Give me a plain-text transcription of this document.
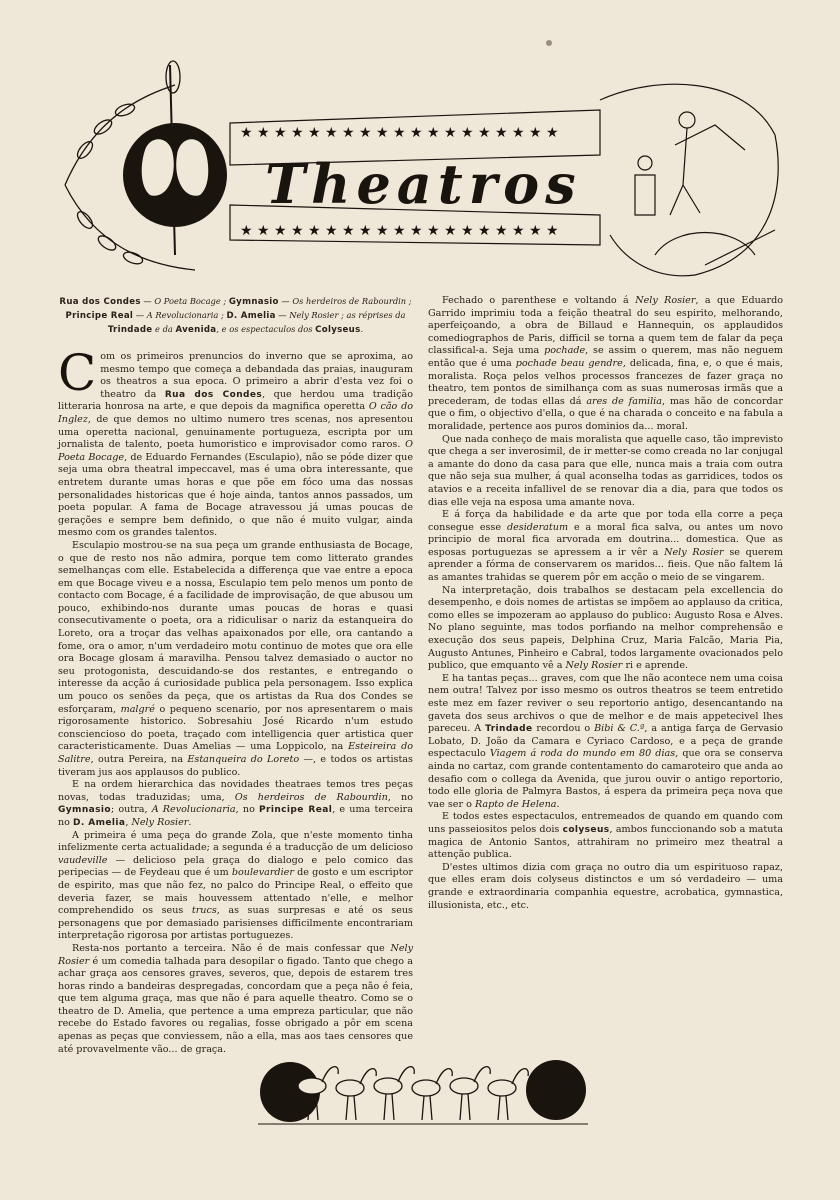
★ ★ ★ ★ ★ ★ ★ ★ ★ ★ ★ ★ ★ ★ ★ ★ ★ ★ ★
★ ★ ★ ★ ★ ★ ★ ★ ★ ★ ★ ★ ★ ★ ★ ★ ★ ★ ★
Theatros

Rua dos Condes — O Poeta Bocage ; Gymnasio — Os herdeiros de Rabourdin ; Principe Real — A Revolucionaria ; D. Amelia — Nely Rosier ; as réprises da Trindade e da Avenida, e os espectaculos dos Colyseus.

Com os primeiros prenuncios do inverno que se aproxima, ao mesmo tempo que começa a debandada das praias, inauguram os theatros a sua epoca. O primeiro a abrir d'esta vez foi o theatro da Rua dos Condes, que herdou uma tradição litteraria honrosa na arte, e que depois da magnifica operetta O cão do Inglez, de que demos no ultimo numero tres scenas, nos apresentou uma operetta nacional, genuinamente portugueza, escripta por um jornalista de talento, poeta humoristico e improvisador como raros. O Poeta Bocage, de Eduardo Fernandes (Esculapio), não se póde dizer que seja uma obra theatral impeccavel, mas é uma obra interessante, que entretem durante umas horas e que põe em fóco uma das nossas personalidades historicas que é hoje ainda, tantos annos passados, um poeta popular. A fama de Bocage atravessou já umas poucas de gerações e sempre bem definido, o que não é muito vulgar, ainda mesmo com os grandes talentos.

Esculapio mostrou-se na sua peça um grande enthusiasta de Bocage, o que de resto nos não admira, porque tem como litterato grandes semelhanças com elle. Estabelecida a differença que vae entre a epoca em que Bocage viveu e a nossa, Esculapio tem pelo menos um ponto de contacto com Bocage, é a facilidade de improvisação, de que abusou um pouco, exhibindo-nos durante umas poucas de horas e quasi consecutivamente o poeta, ora a ridiculisar o nariz da estanqueira do Loreto, ora a troçar das velhas apaixonados por elle, ora cantando a fome, ora o amor, n'um verdadeiro motu continuo de motes que ora elle ora Bocage glosam á maravilha. Pensou talvez demasiado o auctor no seu protogonista, descuidando-se dos restantes, e entregando o interesse da acção á curiosidade publica pela personagem. Isso explica um pouco os senões da peça, que os artistas da Rua dos Condes se esforçaram, malgré o pequeno scenario, por nos apresentarem o mais rigorosamente historico. Sobresahiu José Ricardo n'um estudo consciencioso do poeta, traçado com intelligencia quer artistica quer caracteristicamente. Duas Amelias — uma Loppicolo, na Esteireira do Salitre, outra Pereira, na Estanqueira do Loreto —, e todos os artistas tiveram jus aos applausos do publico.

E na ordem hierarchica das novidades theatraes temos tres peças novas, todas traduzidas; uma, Os herdeiros de Rabourdin, no Gymnasio; outra, A Revolucionaria, no Principe Real, e uma terceira no D. Amelia, Nely Rosier.

A primeira é uma peça do grande Zola, que n'este momento tinha infelizmente certa actualidade; a segunda é a traducção de um delicioso vaudeville — delicioso pela graça do dialogo e pelo comico das peripecias — de Feydeau que é um boulevardier de gosto e um escriptor de espirito, mas que não fez, no palco do Principe Real, o effeito que deveria fazer, se mais houvessem attentado n'elle, e melhor comprehendido os seus trucs, as suas surpresas e até os seus personagens que por demasiado parisienses difficilmente encontrariam interpretação rigorosa por artistas portuguezes.

Resta-nos portanto a terceira. Não é de mais confessar que Nely Rosier é um comedia talhada para desopilar o figado. Tanto que chego a achar graça aos censores graves, severos, que, depois de estarem tres horas rindo a bandeiras despregadas, concordam que a peça não é feia, que tem alguma graça, mas que não é para aquelle theatro. Como se o theatro de D. Amelia, que pertence a uma empreza particular, que não recebe do Estado favores ou regalias, fosse obrigado a pôr em scena apenas as peças que conviessem, não a ella, mas aos taes censores que até provavelmente vão... de graça.

Fechado o parenthese e voltando á Nely Rosier, a que Eduardo Garrido imprimiu toda a feição theatral do seu espirito, melhorando, aperfeiçoando, a obra de Billaud e Hannequin, os applaudidos comediographos de Paris, difficil se torna a quem tem de falar da peça classifical-a. Seja uma pochade, se assim o querem, mas não neguem então que é uma pochade beau gendre, delicada, fina, e, o que é mais, moralista. Roça pelos velhos processos francezes de fazer graça no theatro, tem pontos de similhança com as suas numerosas irmãs que a precederam, de todas ellas dá ares de familia, mas hão de concordar que o fim, o objectivo d'ella, o que é na charada o conceito e na fabula a moralidade, pertence aos puros dominios da... moral.

Que nada conheço de mais moralista que aquelle caso, tão imprevisto que chega a ser inverosimil, de ir metter-se como creada no lar conjugal a amante do dono da casa para que elle, nunca mais a traia com outra que não seja sua mulher, á qual aconselha todas as garridices, todos os atavios e a receita infallivel de se renovar dia a dia, para que todos os dias elle veja na esposa uma amante nova.

E á força da habilidade e da arte que por toda ella corre a peça consegue esse desideratum e a moral fica salva, ou antes um novo principio de moral fica arvorada em doutrina... domestica. Que as esposas portuguezas se apressem a ir vêr a Nely Rosier se querem aprender a fórma de conservarem os maridos... fieis. Que não faltem lá as amantes trahidas se querem pôr em acção o meio de se vingarem.

Na interpretação, dois trabalhos se destacam pela excellencia do desempenho, e dois nomes de artistas se impõem ao applauso da critica, como elles se impozeram ao applauso do publico: Augusto Rosa e Alves. No plano seguinte, mas todos porfiando na melhor comprehensão e execução dos seus papeis, Delphina Cruz, Maria Falcão, Maria Pia, Augusto Antunes, Pinheiro e Cabral, todos largamente ovacionados pelo publico, que emquanto vê a Nely Rosier ri e aprende.

E ha tantas peças... graves, com que lhe não acontece nem uma coisa nem outra! Talvez por isso mesmo os outros theatros se teem entretido este mez em fazer reviver o seu reportorio antigo, desencantando na gaveta dos seus archivos o que de melhor e de mais appetecivel lhes pareceu. A Trindade recordou o Bibi & C.ª, a antiga farça de Gervasio Lobato, D. João da Camara e Cyriaco Cardoso, e a peça de grande espectaculo Viagem á roda do mundo em 80 dias, que ora se conserva ainda no cartaz, com grande contentamento do camaroteiro que anda ao desafio com o collega da Avenida, que jurou ouvir o antigo reportorio, todo elle gloria de Palmyra Bastos, á espera da primeira peça nova que vae ser o Rapto de Helena.

E todos estes espectaculos, entremeados de quando em quando com uns passeiositos pelos dois colyseus, ambos funccionando sob a matuta magica de Antonio Santos, attrahiram no primeiro mez theatral a attenção publica.

D'estes ultimos dizia com graça no outro dia um espirituoso rapaz, que elles eram dois colyseus distinctos e um só verdadeiro — uma grande e extraordinaria companhia equestre, acrobatica, gymnastica, illusionista, etc., etc.
